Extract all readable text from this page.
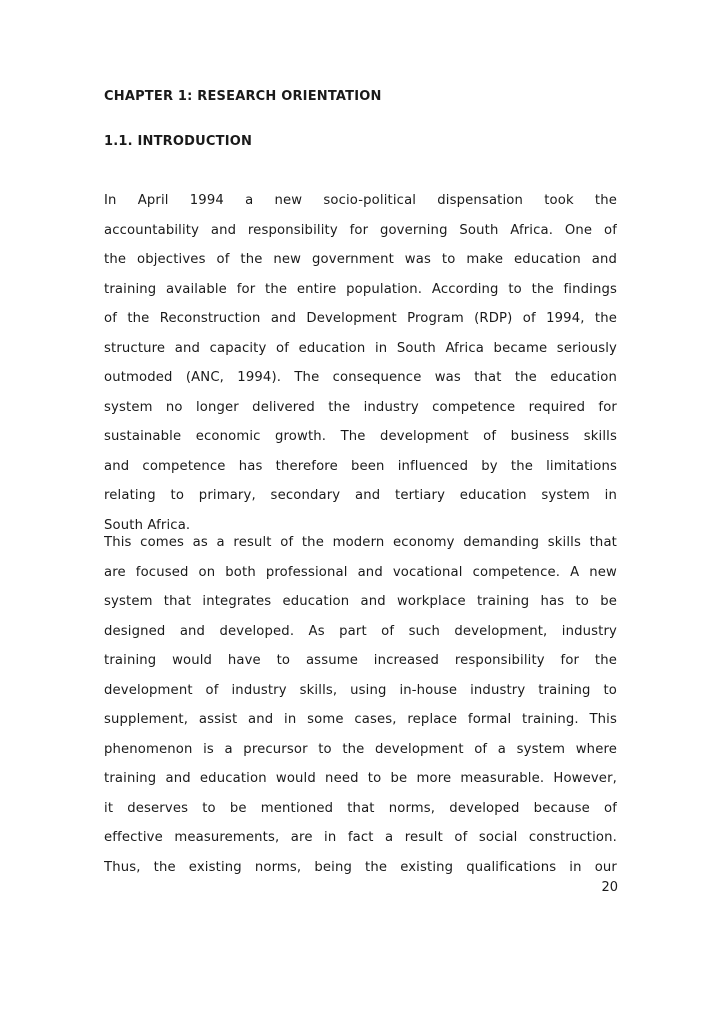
CHAPTER 1: RESEARCH ORIENTATION
1.1. INTRODUCTION
In April 1994 a new socio-political dispensation took the
accountability and responsibility for governing South Africa. One of
the objectives of the new government was to make education and
training available for the entire population. According to the findings
of the Reconstruction and Development Program (RDP) of 1994, the
structure and capacity of education in South Africa became seriously
outmoded (ANC, 1994). The consequence was that the education
system no longer delivered the industry competence required for
sustainable economic growth. The development of business skills
and competence has therefore been influenced by the limitations
relating to primary, secondary and tertiary education system in
South Africa.
This comes as a result of the modern economy demanding skills that
are focused on both professional and vocational competence. A new
system that integrates education and workplace training has to be
designed and developed. As part of such development, industry
training would have to assume increased responsibility for the
development of industry skills, using in-house industry training to
supplement, assist and in some cases, replace formal training. This
phenomenon is a precursor to the development of a system where
training and education would need to be more measurable. However,
it deserves to be mentioned that norms, developed because of
effective measurements, are in fact a result of social construction.
Thus, the existing norms, being the existing qualifications in our

20
